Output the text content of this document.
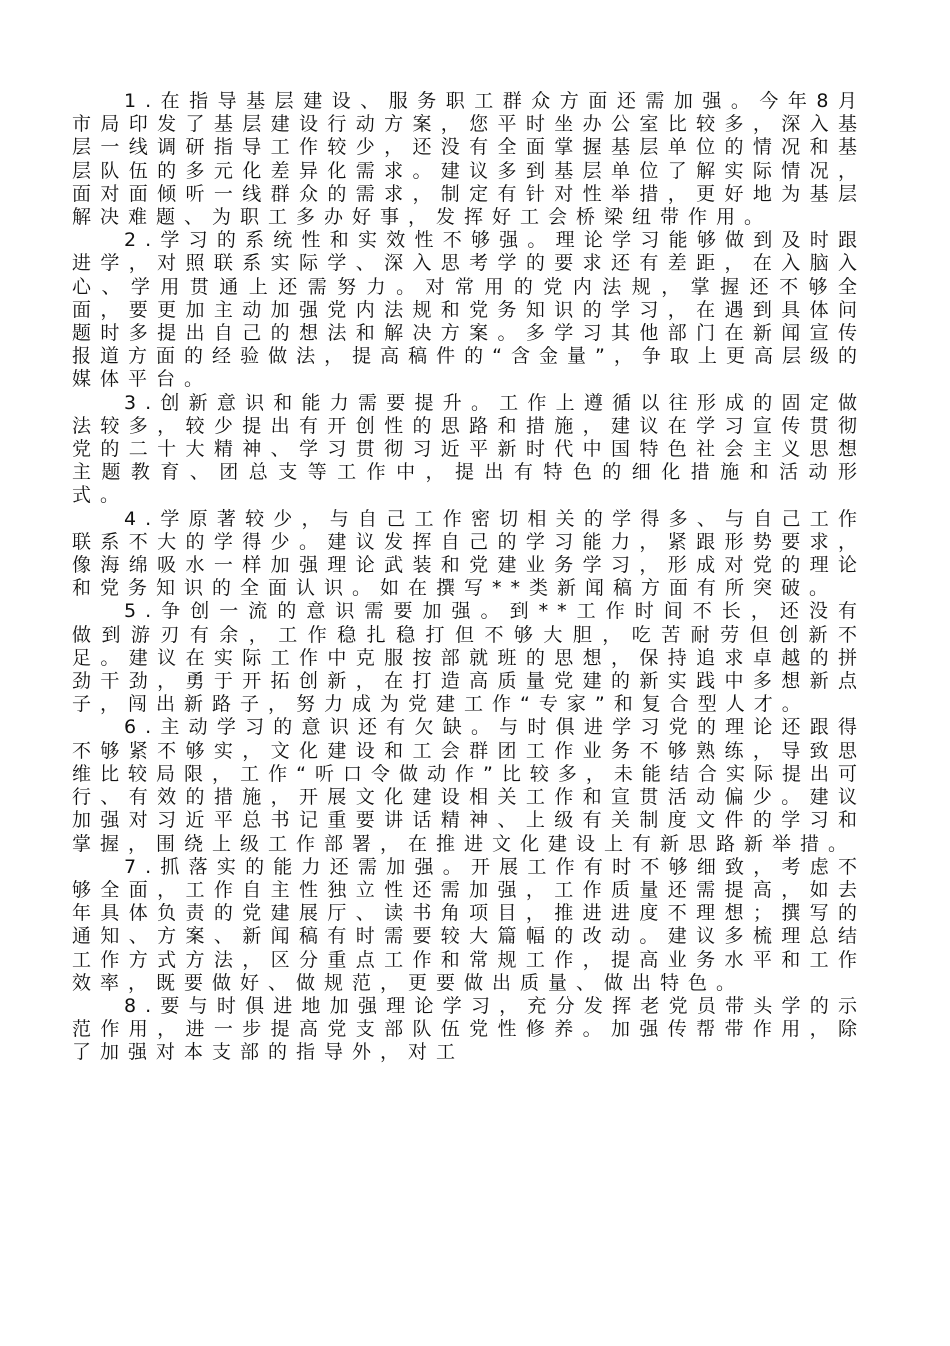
1.在指导基层建设、服务职工群众方面还需加强。今年8月市局印发了基层建设行动方案，您平时坐办公室比较多，深入基层一线调研指导工作较少，还没有全面掌握基层单位的情况和基层队伍的多元化差异化需求。建议多到基层单位了解实际情况，面对面倾听一线群众的需求，制定有针对性举措，更好地为基层解决难题、为职工多办好事，发挥好工会桥梁纽带作用。

2.学习的系统性和实效性不够强。理论学习能够做到及时跟进学，对照联系实际学、深入思考学的要求还有差距，在入脑入心、学用贯通上还需努力。对常用的党内法规，掌握还不够全面，要更加主动加强党内法规和党务知识的学习，在遇到具体问题时多提出自己的想法和解决方案。多学习其他部门在新闻宣传报道方面的经验做法，提高稿件的“含金量”，争取上更高层级的媒体平台。

3.创新意识和能力需要提升。工作上遵循以往形成的固定做法较多，较少提出有开创性的思路和措施，建议在学习宣传贯彻党的二十大精神、学习贯彻习近平新时代中国特色社会主义思想主题教育、团总支等工作中，提出有特色的细化措施和活动形式。

4.学原著较少，与自己工作密切相关的学得多、与自己工作联系不大的学得少。建议发挥自己的学习能力，紧跟形势要求，像海绵吸水一样加强理论武装和党建业务学习，形成对党的理论和党务知识的全面认识。如在撰写**类新闻稿方面有所突破。

5.争创一流的意识需要加强。到**工作时间不长，还没有做到游刃有余，工作稳扎稳打但不够大胆，吃苦耐劳但创新不足。建议在实际工作中克服按部就班的思想，保持追求卓越的拼劲干劲，勇于开拓创新，在打造高质量党建的新实践中多想新点子，闯出新路子，努力成为党建工作“专家”和复合型人才。

6.主动学习的意识还有欠缺。与时俱进学习党的理论还跟得不够紧不够实，文化建设和工会群团工作业务不够熟练，导致思维比较局限，工作“听口令做动作”比较多，未能结合实际提出可行、有效的措施，开展文化建设相关工作和宣贯活动偏少。建议加强对习近平总书记重要讲话精神、上级有关制度文件的学习和掌握，围绕上级工作部署，在推进文化建设上有新思路新举措。

7.抓落实的能力还需加强。开展工作有时不够细致，考虑不够全面，工作自主性独立性还需加强，工作质量还需提高，如去年具体负责的党建展厅、读书角项目，推进进度不理想；撰写的通知、方案、新闻稿有时需要较大篇幅的改动。建议多梳理总结工作方式方法，区分重点工作和常规工作，提高业务水平和工作效率，既要做好、做规范，更要做出质量、做出特色。

8.要与时俱进地加强理论学习，充分发挥老党员带头学的示范作用，进一步提高党支部队伍党性修养。加强传帮带作用，除了加强对本支部的指导外，对工
